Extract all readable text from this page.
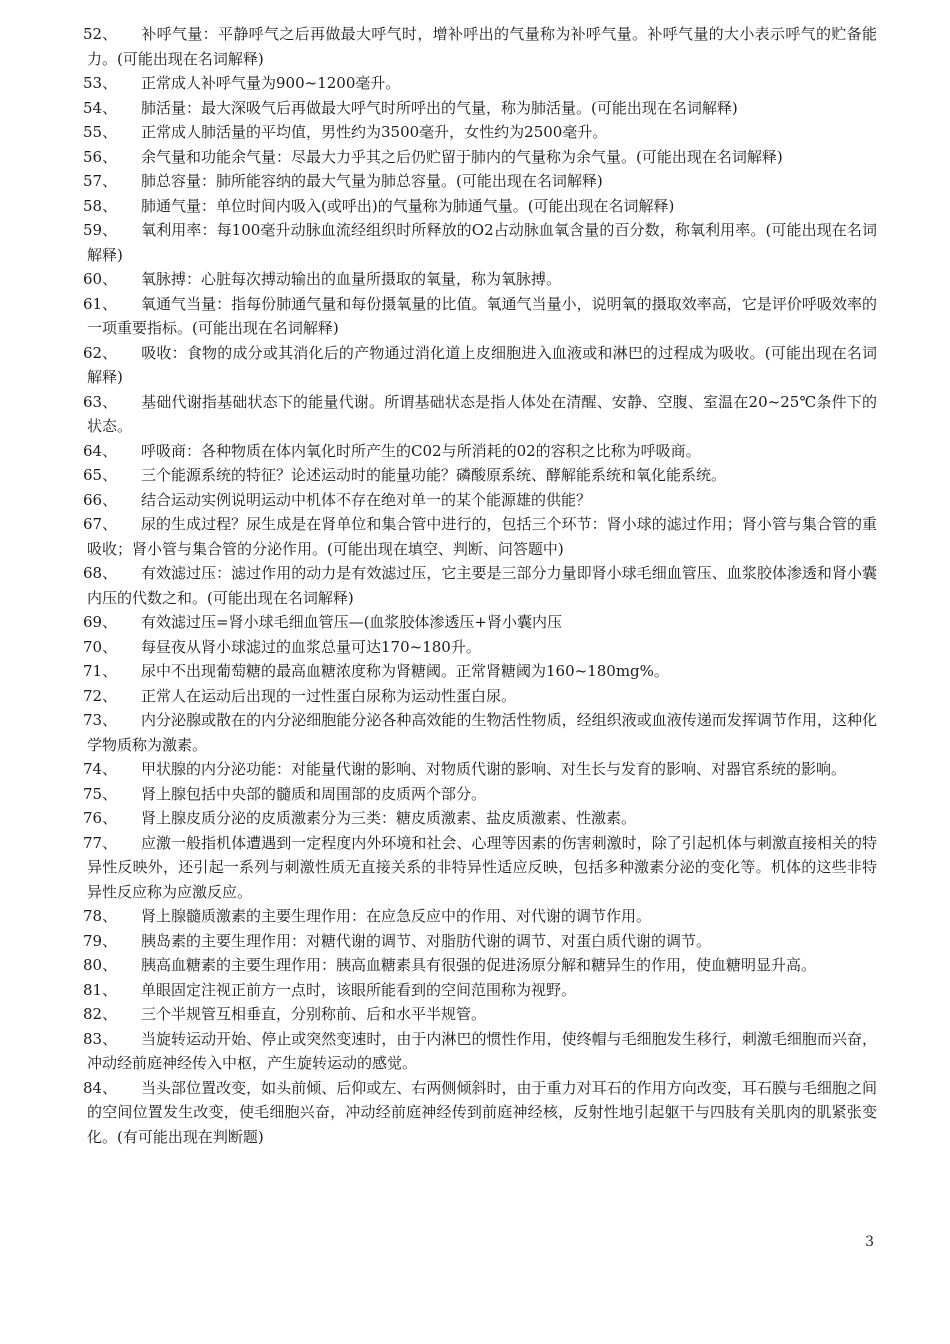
52、 补呼气量：平静呼气之后再做最大呼气时，增补呼出的气量称为补呼气量。补呼气量的大小表示呼气的贮备能力。(可能出现在名词解释)
53、 正常成人补呼气量为900~1200毫升。
54、 肺活量：最大深吸气后再做最大呼气时所呼出的气量，称为肺活量。(可能出现在名词解释)
55、 正常成人肺活量的平均值，男性约为3500毫升，女性约为2500毫升。
56、 余气量和功能余气量：尽最大力乎其之后仍贮留于肺内的气量称为余气量。(可能出现在名词解释)
57、 肺总容量：肺所能容纳的最大气量为肺总容量。(可能出现在名词解释)
58、 肺通气量：单位时间内吸入(或呼出)的气量称为肺通气量。(可能出现在名词解释)
59、 氧利用率：每100毫升动脉血流经组织时所释放的O2占动脉血氧含量的百分数，称氧利用率。(可能出现在名词解释)
60、 氧脉搏：心脏每次搏动输出的血量所摄取的氧量，称为氧脉搏。
61、 氧通气当量：指每份肺通气量和每份摄氧量的比值。氧通气当量小，说明氧的摄取效率高，它是评价呼吸效率的一项重要指标。(可能出现在名词解释)
62、 吸收：食物的成分或其消化后的产物通过消化道上皮细胞进入血液或和淋巴的过程成为吸收。(可能出现在名词解释)
63、 基础代谢指基础状态下的能量代谢。所谓基础状态是指人体处在清醒、安静、空腹、室温在20~25℃条件下的状态。
64、 呼吸商：各种物质在体内氧化时所产生的C02与所消耗的02的容积之比称为呼吸商。
65、 三个能源系统的特征？论述运动时的能量功能？磷酸原系统、酵解能系统和氧化能系统。
66、 结合运动实例说明运动中机体不存在绝对单一的某个能源雄的供能？
67、 尿的生成过程？尿生成是在肾单位和集合管中进行的，包括三个环节：肾小球的滤过作用；肾小管与集合管的重吸收；肾小管与集合管的分泌作用。(可能出现在填空、判断、问答题中)
68、 有效滤过压：滤过作用的动力是有效滤过压，它主要是三部分力量即肾小球毛细血管压、血浆胶体渗透和肾小囊内压的代数之和。(可能出现在名词解释)
69、 有效滤过压=肾小球毛细血管压—(血浆胶体渗透压+肾小囊内压
70、 每昼夜从肾小球滤过的血浆总量可达170~180升。
71、 尿中不出现葡萄糖的最高血糖浓度称为肾糖阈。正常肾糖阈为160~180mg%。
72、 正常人在运动后出现的一过性蛋白尿称为运动性蛋白尿。
73、 内分泌腺或散在的内分泌细胞能分泌各种高效能的生物活性物质，经组织液或血液传递而发挥调节作用，这种化学物质称为激素。
74、 甲状腺的内分泌功能：对能量代谢的影响、对物质代谢的影响、对生长与发育的影响、对器官系统的影响。
75、 肾上腺包括中央部的髓质和周围部的皮质两个部分。
76、 肾上腺皮质分泌的皮质激素分为三类：糖皮质激素、盐皮质激素、性激素。
77、 应激一般指机体遭遇到一定程度内外环境和社会、心理等因素的伤害刺激时，除了引起机体与刺激直接相关的特异性反映外，还引起一系列与刺激性质无直接关系的非特异性适应反映，包括多种激素分泌的变化等。机体的这些非特异性反应称为应激反应。
78、 肾上腺髓质激素的主要生理作用：在应急反应中的作用、对代谢的调节作用。
79、 胰岛素的主要生理作用：对糖代谢的调节、对脂肪代谢的调节、对蛋白质代谢的调节。
80、 胰高血糖素的主要生理作用：胰高血糖素具有很强的促进汤原分解和糖异生的作用，使血糖明显升高。
81、 单眼固定注视正前方一点时，该眼所能看到的空间范围称为视野。
82、 三个半规管互相垂直，分别称前、后和水平半规管。
83、 当旋转运动开始、停止或突然变速时，由于内淋巴的惯性作用，使终帽与毛细胞发生移行，刺激毛细胞而兴奋，冲动经前庭神经传入中枢，产生旋转运动的感觉。
84、 当头部位置改变，如头前倾、后仰或左、右两侧倾斜时，由于重力对耳石的作用方向改变，耳石膜与毛细胞之间的空间位置发生改变，使毛细胞兴奋，冲动经前庭神经传到前庭神经核，反射性地引起躯干与四肢有关肌肉的肌紧张变化。(有可能出现在判断题)
3
